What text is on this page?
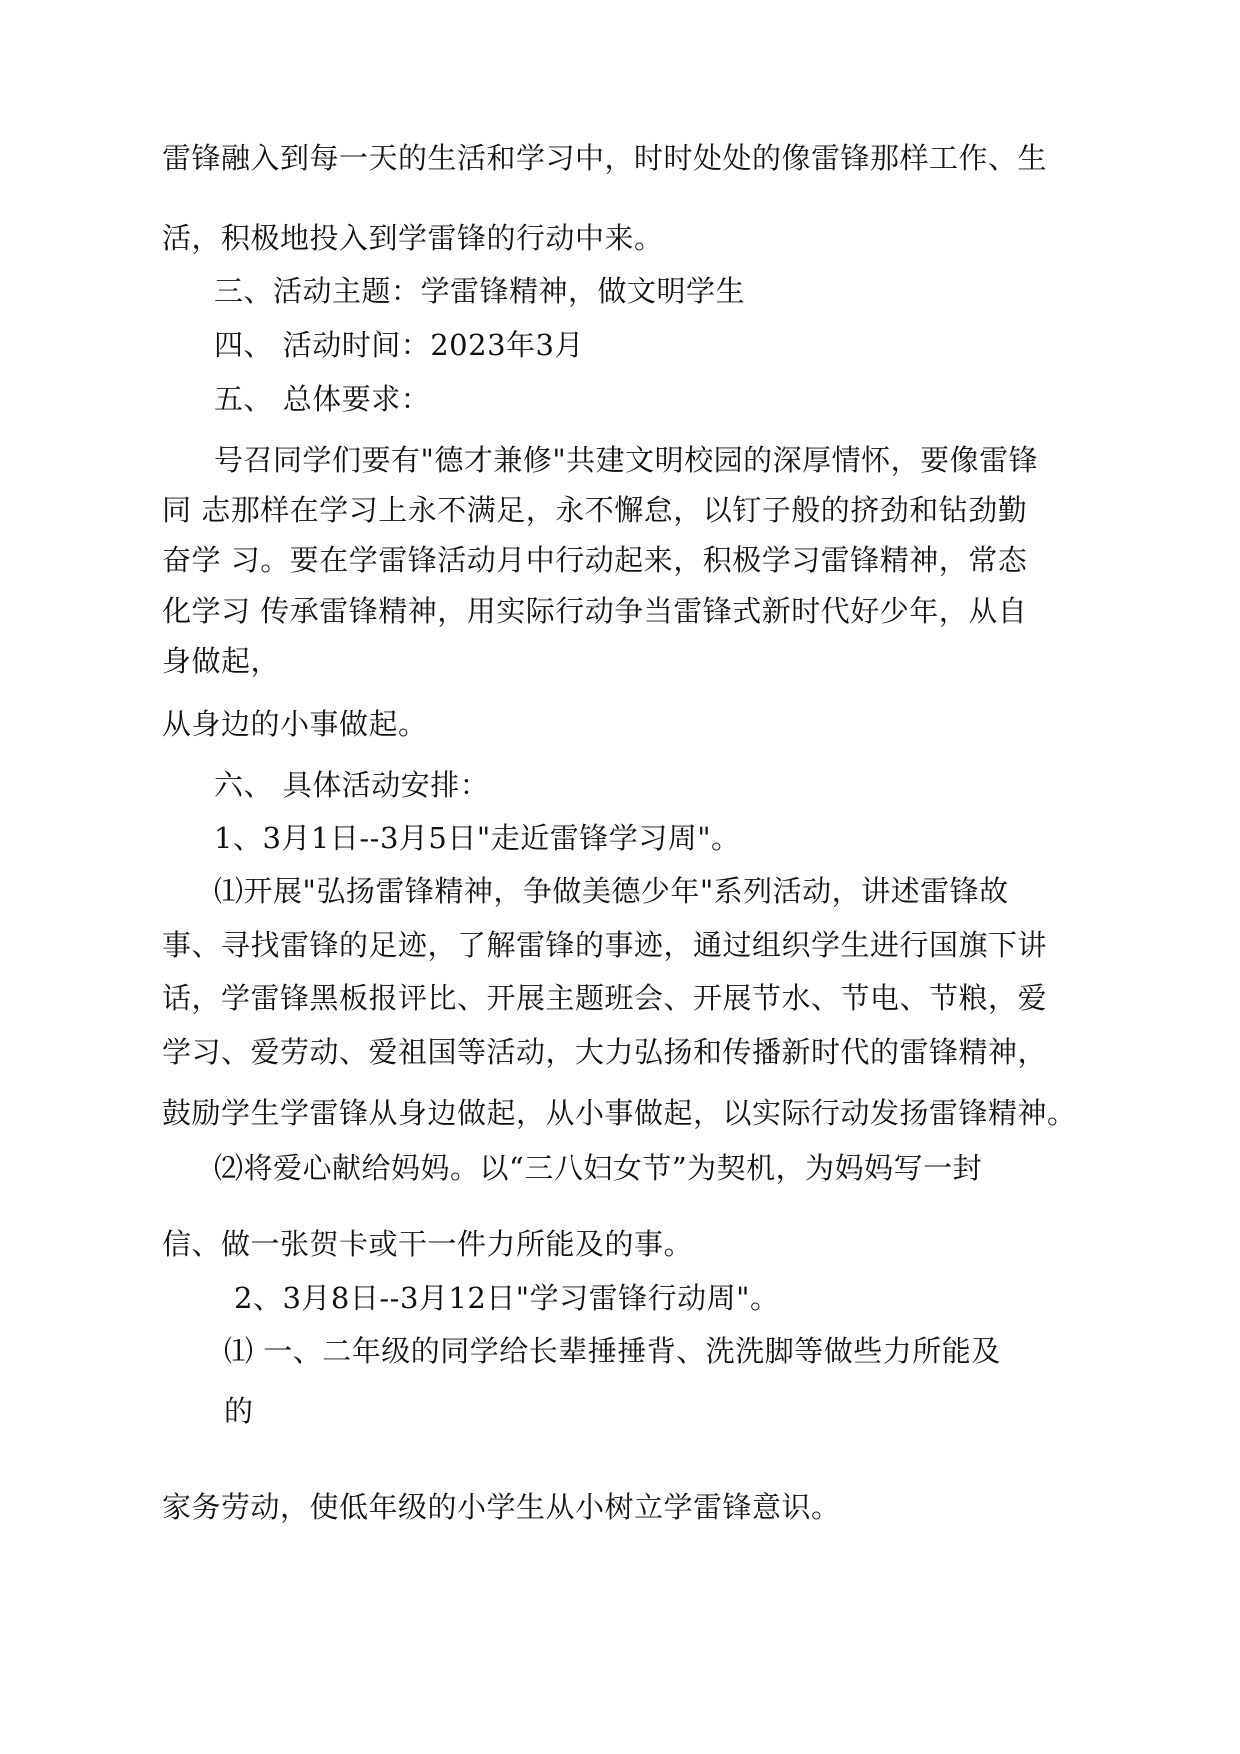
雷锋融入到每一天的生活和学习中，时时处处的像雷锋那样工作、生
活，积极地投入到学雷锋的行动中来。
三、活动主题：学雷锋精神，做文明学生
四、 活动时间：2023年3月
五、 总体要求：
号召同学们要有"德才兼修"共建文明校园的深厚情怀，要像雷锋
同 志那样在学习上永不满足，永不懈怠，以钉子般的挤劲和钻劲勤
奋学 习。要在学雷锋活动月中行动起来，积极学习雷锋精神，常态
化学习 传承雷锋精神，用实际行动争当雷锋式新时代好少年，从自
身做起，
从身边的小事做起。
六、 具体活动安排：
1、3月1日--3月5日"走近雷锋学习周"。
⑴开展"弘扬雷锋精神，争做美德少年"系列活动，讲述雷锋故
事、寻找雷锋的足迹，了解雷锋的事迹，通过组织学生进行国旗下讲
话，学雷锋黑板报评比、开展主题班会、开展节水、节电、节粮，爱
学习、爱劳动、爱祖国等活动，大力弘扬和传播新时代的雷锋精神，
鼓励学生学雷锋从身边做起，从小事做起，以实际行动发扬雷锋精神。
⑵将爱心献给妈妈。以“三八妇女节”为契机，为妈妈写一封
信、做一张贺卡或干一件力所能及的事。
2、3月8日--3月12日"学习雷锋行动周"。
⑴ 一、二年级的同学给长辈捶捶背、洗洗脚等做些力所能及
的
家务劳动，使低年级的小学生从小树立学雷锋意识。
